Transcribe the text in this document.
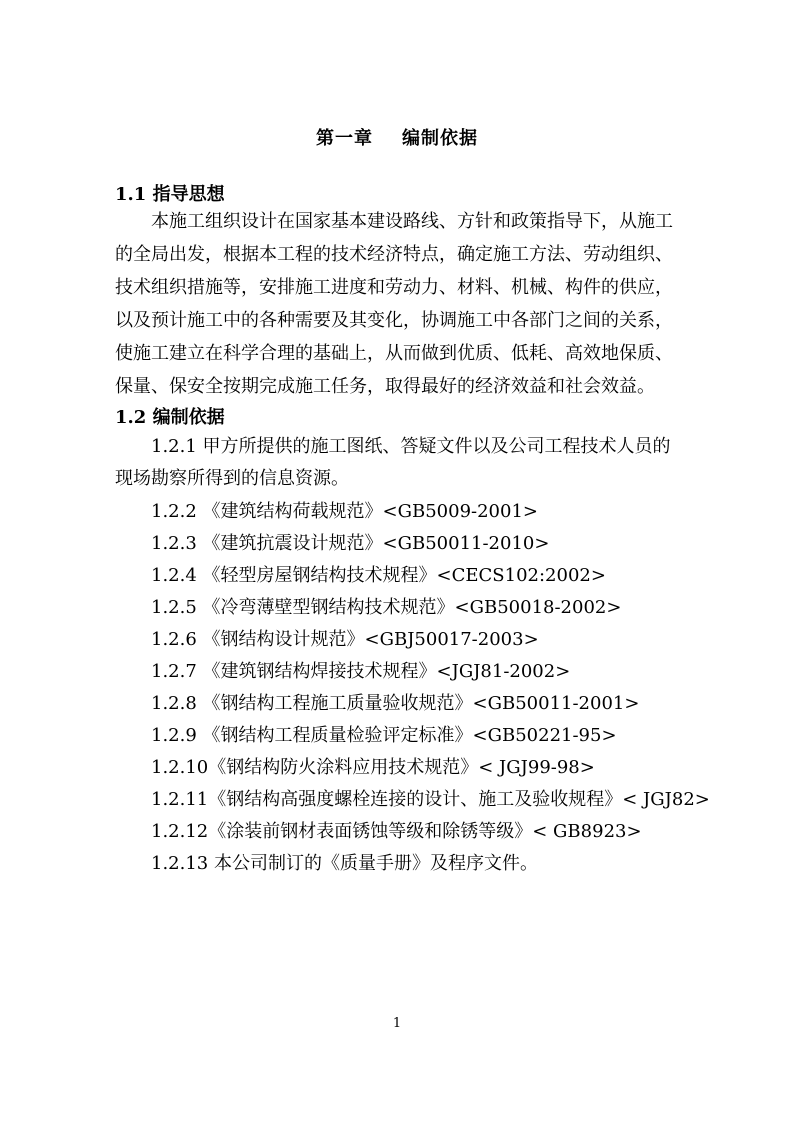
第一章    编制依据
1.1 指导思想
本施工组织设计在国家基本建设路线、方针和政策指导下，从施工
的全局出发，根据本工程的技术经济特点，确定施工方法、劳动组织、
技术组织措施等，安排施工进度和劳动力、材料、机械、构件的供应，
以及预计施工中的各种需要及其变化，协调施工中各部门之间的关系，
使施工建立在科学合理的基础上，从而做到优质、低耗、高效地保质、
保量、保安全按期完成施工任务，取得最好的经济效益和社会效益。
1.2 编制依据
1.2.1 甲方所提供的施工图纸、答疑文件以及公司工程技术人员的
现场勘察所得到的信息资源。
1.2.2 《建筑结构荷载规范》<GB5009-2001>
1.2.3 《建筑抗震设计规范》<GB50011-2010>
1.2.4 《轻型房屋钢结构技术规程》<CECS102:2002>
1.2.5 《冷弯薄壁型钢结构技术规范》<GB50018-2002>
1.2.6 《钢结构设计规范》<GBJ50017-2003>
1.2.7 《建筑钢结构焊接技术规程》<JGJ81-2002>
1.2.8 《钢结构工程施工质量验收规范》<GB50011-2001>
1.2.9 《钢结构工程质量检验评定标准》<GB50221-95>
1.2.10《钢结构防火涂料应用技术规范》< JGJ99-98>
1.2.11《钢结构高强度螺栓连接的设计、施工及验收规程》< JGJ82>
1.2.12《涂装前钢材表面锈蚀等级和除锈等级》< GB8923>
1.2.13 本公司制订的《质量手册》及程序文件。
1
